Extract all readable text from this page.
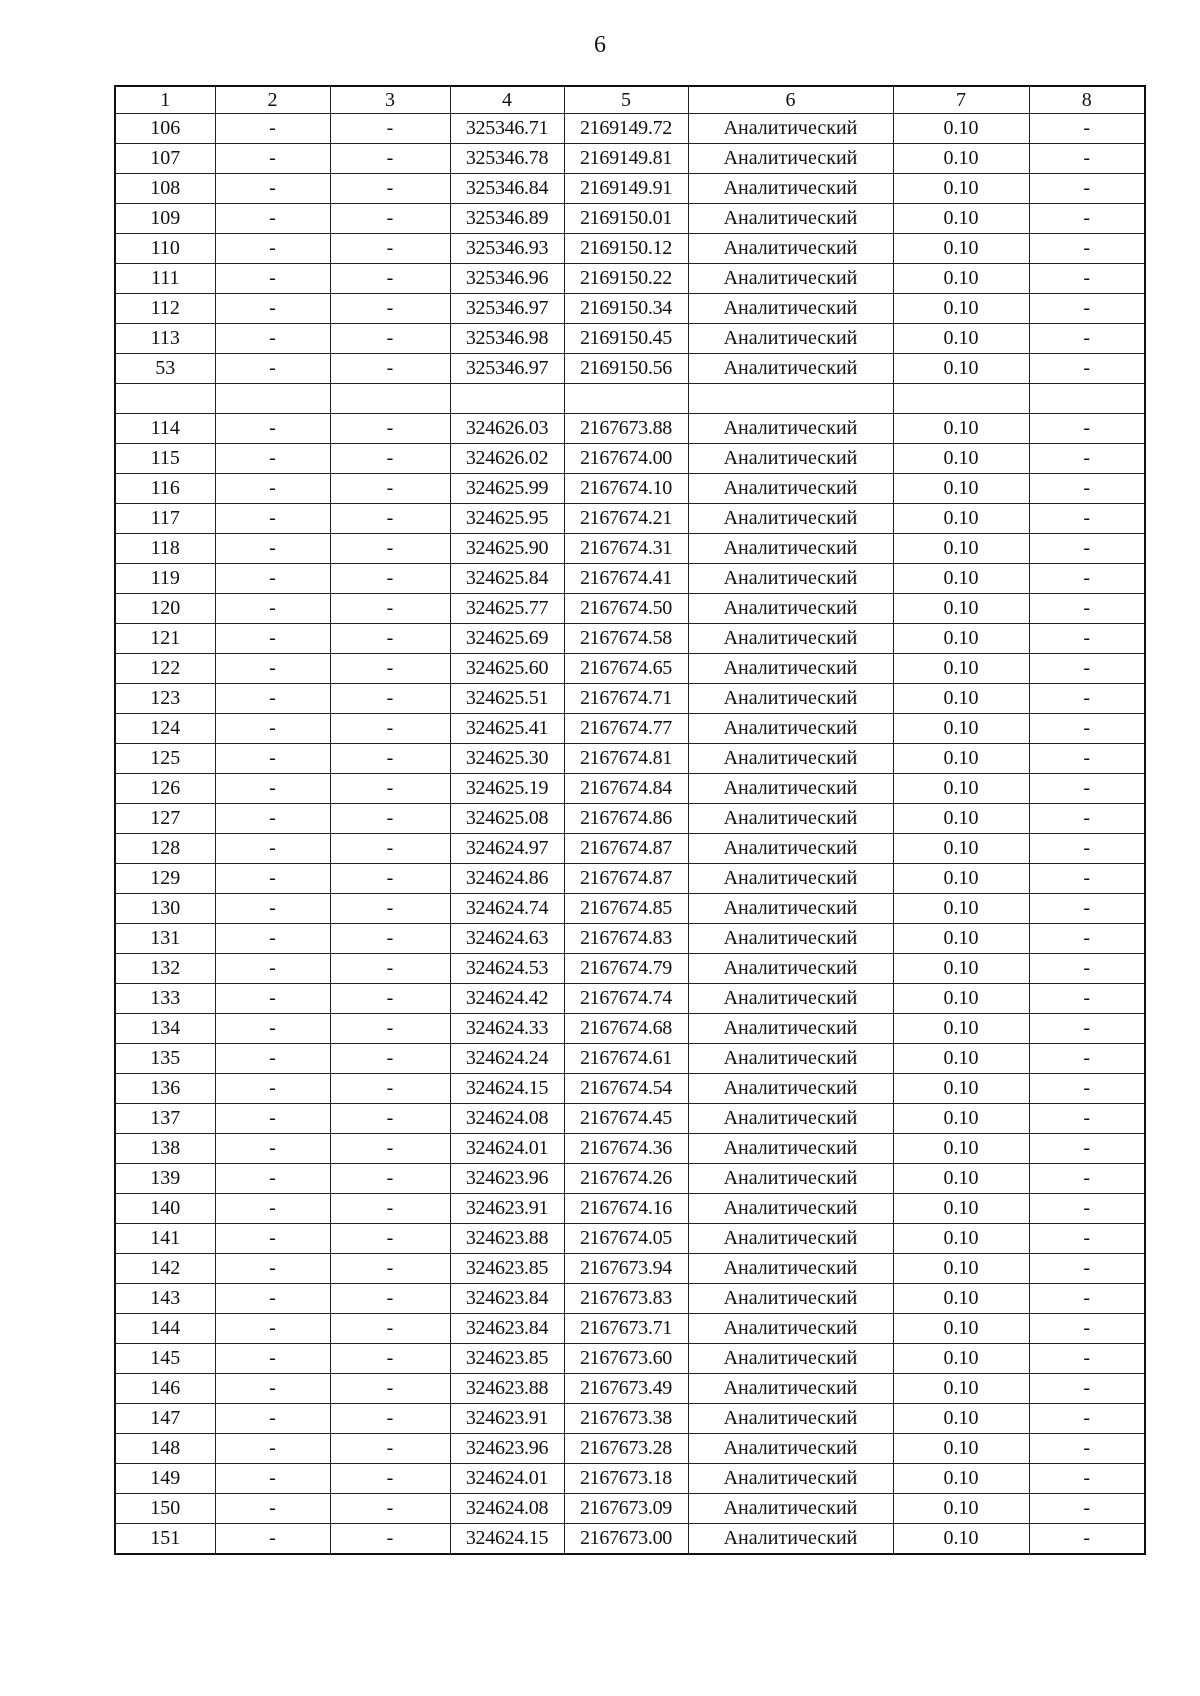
6
1	2	3	4	5	6	7	8
106	-	-	325346.71	2169149.72	Аналитический	0.10	-
107	-	-	325346.78	2169149.81	Аналитический	0.10	-
108	-	-	325346.84	2169149.91	Аналитический	0.10	-
109	-	-	325346.89	2169150.01	Аналитический	0.10	-
110	-	-	325346.93	2169150.12	Аналитический	0.10	-
111	-	-	325346.96	2169150.22	Аналитический	0.10	-
112	-	-	325346.97	2169150.34	Аналитический	0.10	-
113	-	-	325346.98	2169150.45	Аналитический	0.10	-
53	-	-	325346.97	2169150.56	Аналитический	0.10	-

114	-	-	324626.03	2167673.88	Аналитический	0.10	-
115	-	-	324626.02	2167674.00	Аналитический	0.10	-
116	-	-	324625.99	2167674.10	Аналитический	0.10	-
117	-	-	324625.95	2167674.21	Аналитический	0.10	-
118	-	-	324625.90	2167674.31	Аналитический	0.10	-
119	-	-	324625.84	2167674.41	Аналитический	0.10	-
120	-	-	324625.77	2167674.50	Аналитический	0.10	-
121	-	-	324625.69	2167674.58	Аналитический	0.10	-
122	-	-	324625.60	2167674.65	Аналитический	0.10	-
123	-	-	324625.51	2167674.71	Аналитический	0.10	-
124	-	-	324625.41	2167674.77	Аналитический	0.10	-
125	-	-	324625.30	2167674.81	Аналитический	0.10	-
126	-	-	324625.19	2167674.84	Аналитический	0.10	-
127	-	-	324625.08	2167674.86	Аналитический	0.10	-
128	-	-	324624.97	2167674.87	Аналитический	0.10	-
129	-	-	324624.86	2167674.87	Аналитический	0.10	-
130	-	-	324624.74	2167674.85	Аналитический	0.10	-
131	-	-	324624.63	2167674.83	Аналитический	0.10	-
132	-	-	324624.53	2167674.79	Аналитический	0.10	-
133	-	-	324624.42	2167674.74	Аналитический	0.10	-
134	-	-	324624.33	2167674.68	Аналитический	0.10	-
135	-	-	324624.24	2167674.61	Аналитический	0.10	-
136	-	-	324624.15	2167674.54	Аналитический	0.10	-
137	-	-	324624.08	2167674.45	Аналитический	0.10	-
138	-	-	324624.01	2167674.36	Аналитический	0.10	-
139	-	-	324623.96	2167674.26	Аналитический	0.10	-
140	-	-	324623.91	2167674.16	Аналитический	0.10	-
141	-	-	324623.88	2167674.05	Аналитический	0.10	-
142	-	-	324623.85	2167673.94	Аналитический	0.10	-
143	-	-	324623.84	2167673.83	Аналитический	0.10	-
144	-	-	324623.84	2167673.71	Аналитический	0.10	-
145	-	-	324623.85	2167673.60	Аналитический	0.10	-
146	-	-	324623.88	2167673.49	Аналитический	0.10	-
147	-	-	324623.91	2167673.38	Аналитический	0.10	-
148	-	-	324623.96	2167673.28	Аналитический	0.10	-
149	-	-	324624.01	2167673.18	Аналитический	0.10	-
150	-	-	324624.08	2167673.09	Аналитический	0.10	-
151	-	-	324624.15	2167673.00	Аналитический	0.10	-
